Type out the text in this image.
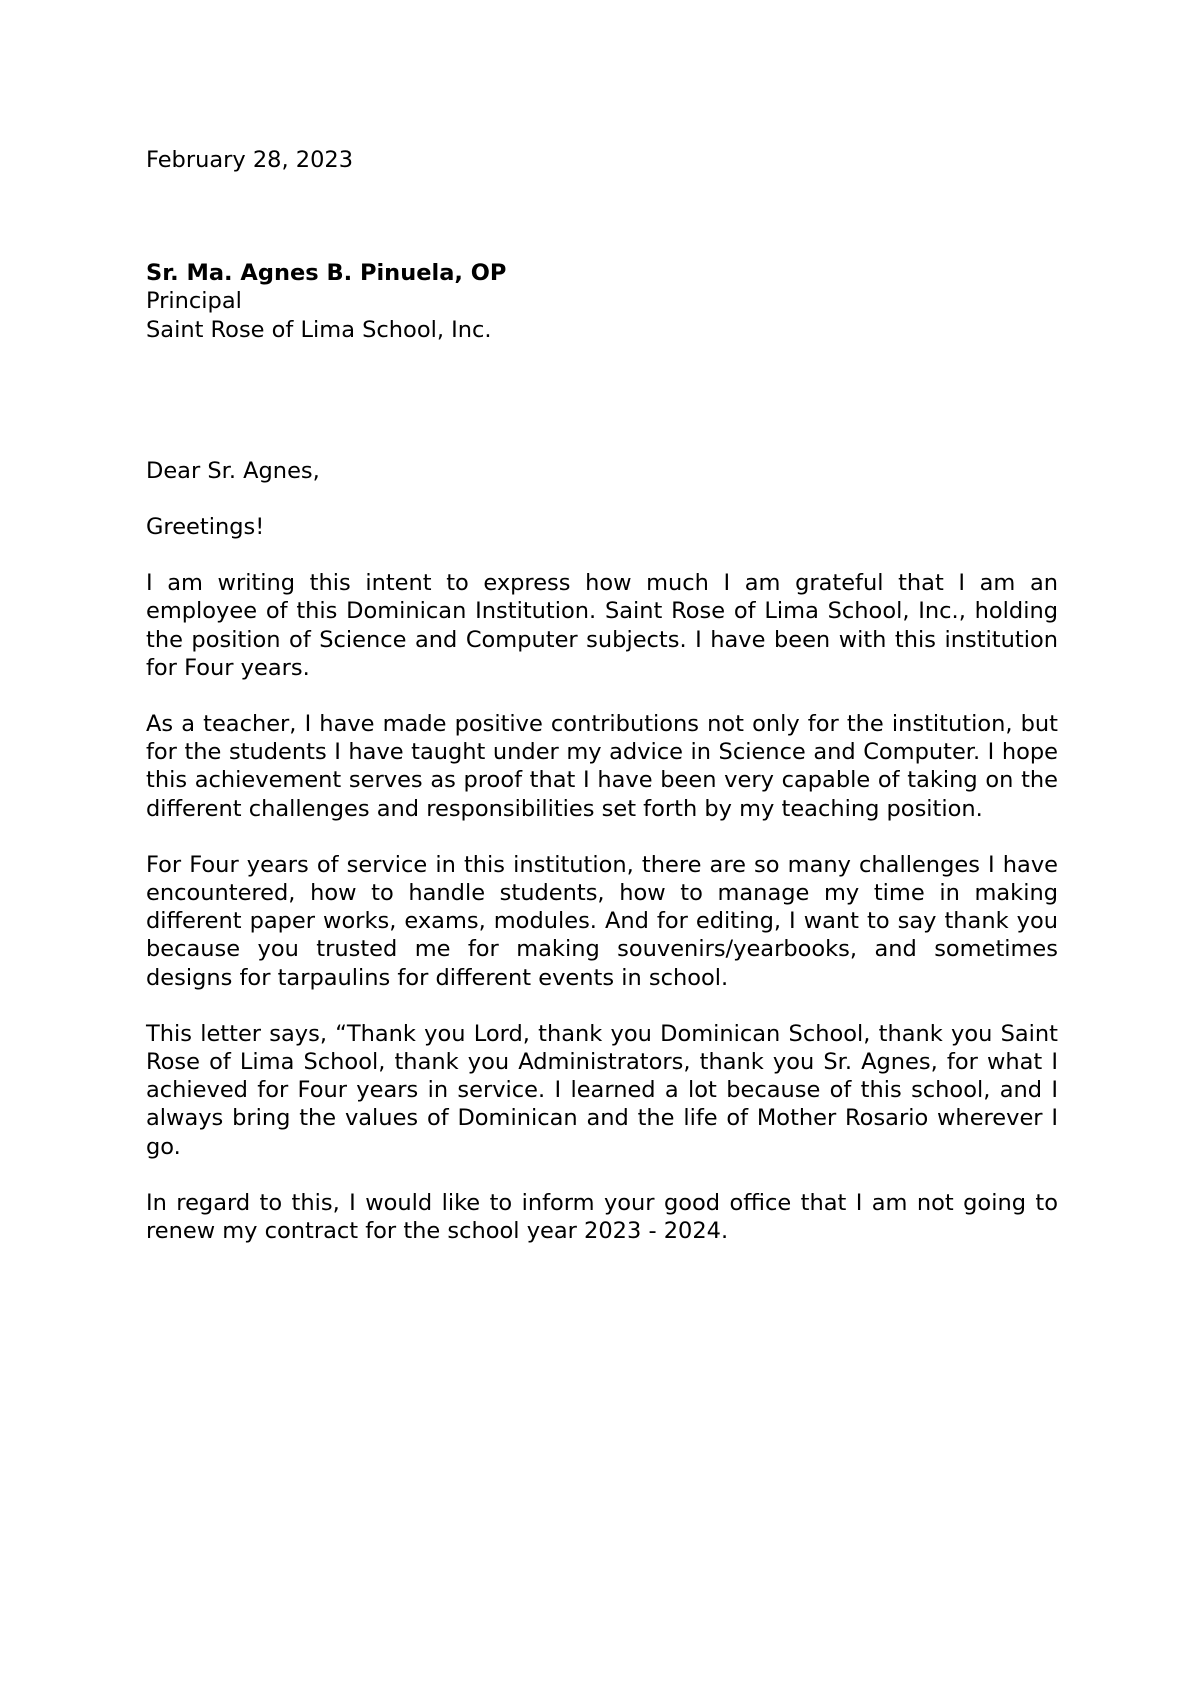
February 28, 2023
Sr. Ma. Agnes B. Pinuela, OP
Principal
Saint Rose of Lima School, Inc.
Dear Sr. Agnes,
Greetings!

I am writing this intent to express how much I am grateful that I am an employee of this Dominican Institution. Saint Rose of Lima School, Inc., holding the position of Science and Computer subjects. I have been with this institution for Four years.

As a teacher, I have made positive contributions not only for the institution, but for the students I have taught under my advice in Science and Computer. I hope this achievement serves as proof that I have been very capable of taking on the different challenges and responsibilities set forth by my teaching position.

For Four years of service in this institution, there are so many challenges I have encountered, how to handle students, how to manage my time in making different paper works, exams, modules. And for editing, I want to say thank you because you trusted me for making souvenirs/yearbooks, and sometimes designs for tarpaulins for different events in school.

This letter says, “Thank you Lord, thank you Dominican School, thank you Saint Rose of Lima School, thank you Administrators, thank you Sr. Agnes, for what I achieved for Four years in service. I learned a lot because of this school, and I always bring the values of Dominican and the life of Mother Rosario wherever I go.

In regard to this, I would like to inform your good office that I am not going to renew my contract for the school year 2023 - 2024.
